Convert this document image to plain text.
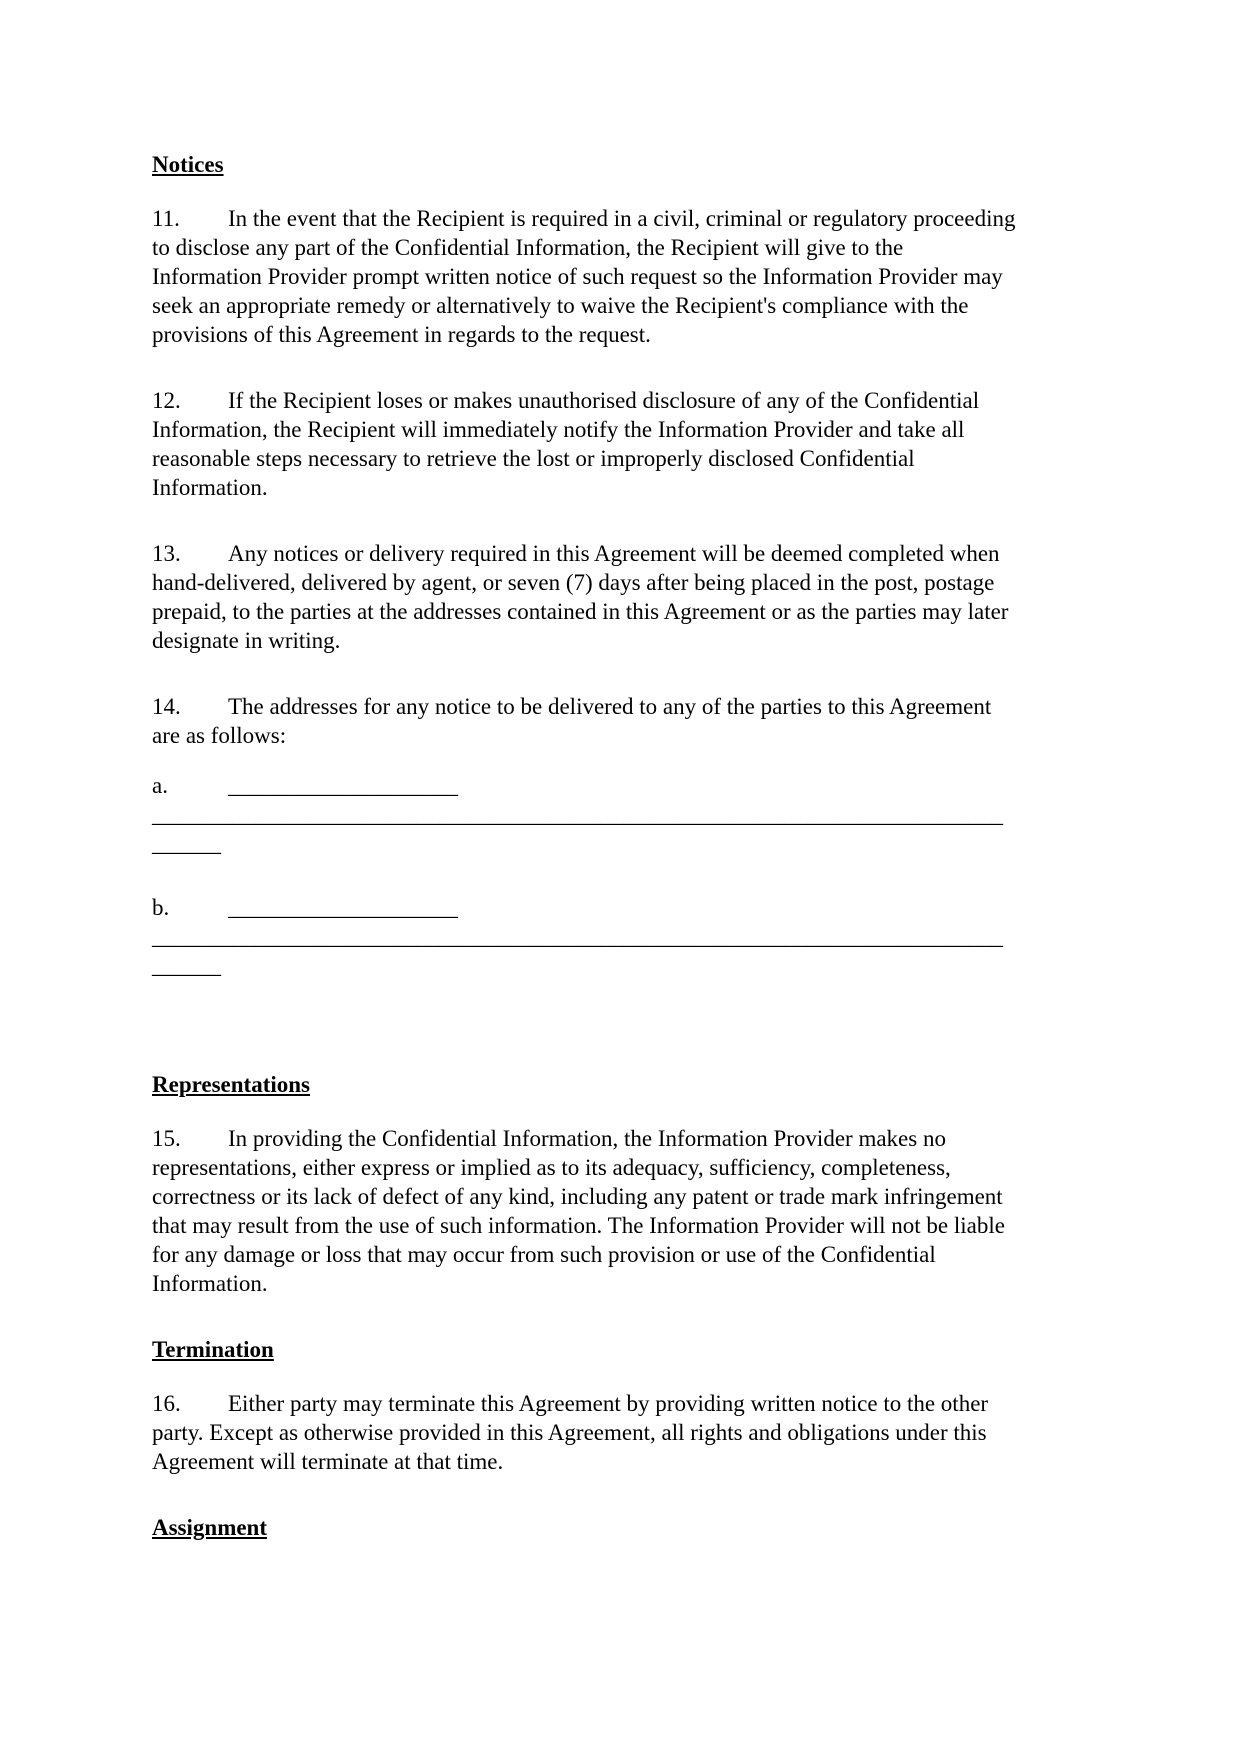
Notices
11. In the event that the Recipient is required in a civil, criminal or regulatory proceeding
to disclose any part of the Confidential Information, the Recipient will give to the
Information Provider prompt written notice of such request so the Information Provider may
seek an appropriate remedy or alternatively to waive the Recipient's compliance with the
provisions of this Agreement in regards to the request.
12. If the Recipient loses or makes unauthorised disclosure of any of the Confidential
Information, the Recipient will immediately notify the Information Provider and take all
reasonable steps necessary to retrieve the lost or improperly disclosed Confidential
Information.
13. Any notices or delivery required in this Agreement will be deemed completed when
hand-delivered, delivered by agent, or seven (7) days after being placed in the post, postage
prepaid, to the parties at the addresses contained in this Agreement or as the parties may later
designate in writing.
14. The addresses for any notice to be delivered to any of the parties to this Agreement
are as follows:
a.	____________________
__________________________________________________________________________
______
b.	____________________
__________________________________________________________________________
______
Representations
15. In providing the Confidential Information, the Information Provider makes no
representations, either express or implied as to its adequacy, sufficiency, completeness,
correctness or its lack of defect of any kind, including any patent or trade mark infringement
that may result from the use of such information. The Information Provider will not be liable
for any damage or loss that may occur from such provision or use of the Confidential
Information.
Termination
16. Either party may terminate this Agreement by providing written notice to the other
party. Except as otherwise provided in this Agreement, all rights and obligations under this
Agreement will terminate at that time.
Assignment
